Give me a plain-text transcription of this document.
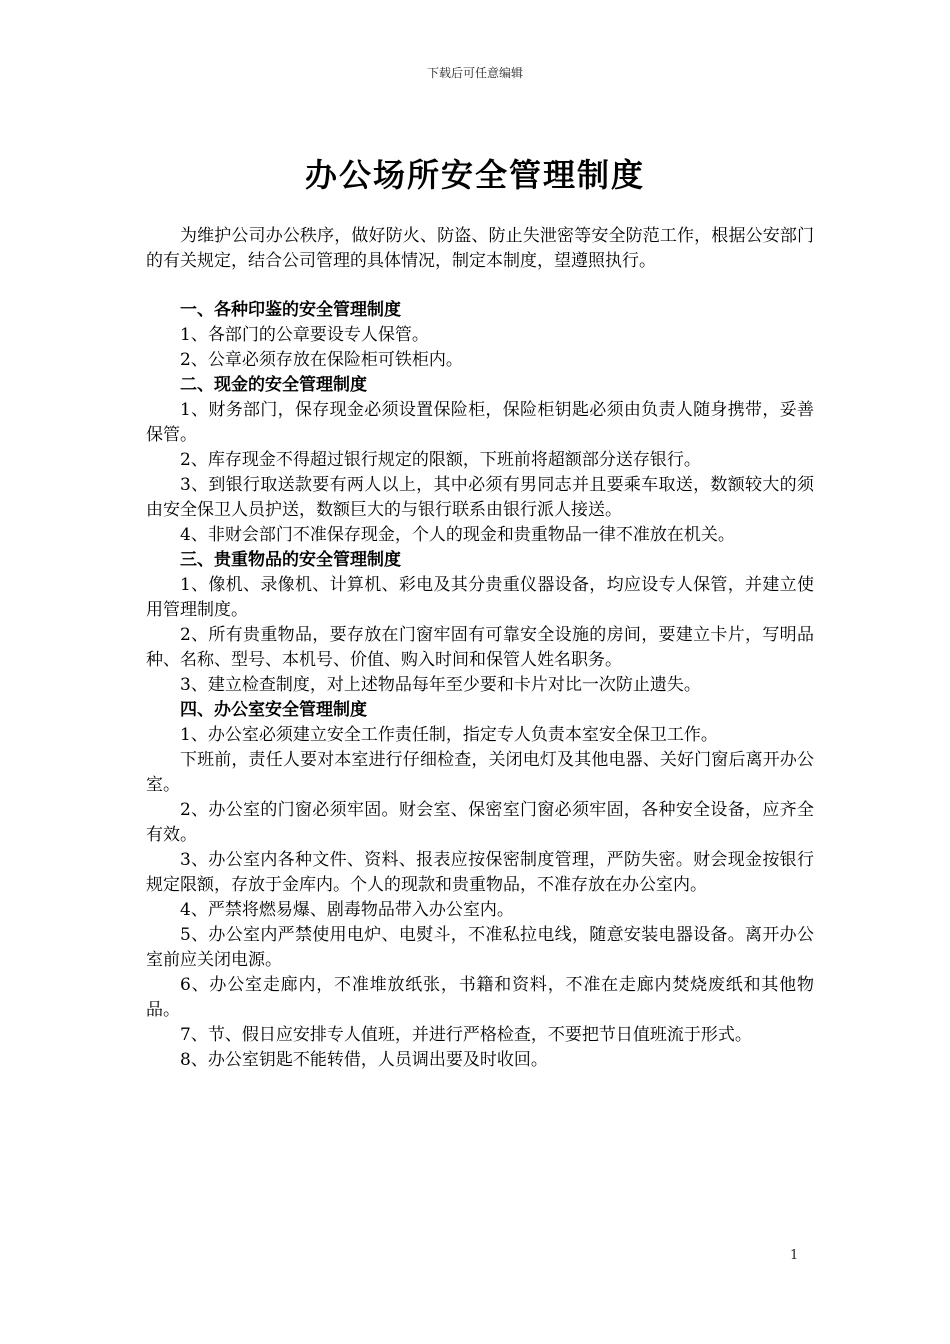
下载后可任意编辑
办公场所安全管理制度

为维护公司办公秩序，做好防火、防盗、防止失泄密等安全防范工作，根据公安部门的有关规定，结合公司管理的具体情况，制定本制度，望遵照执行。

一、各种印鉴的安全管理制度

1、各部门的公章要设专人保管。

2、公章必须存放在保险柜可铁柜内。

二、现金的安全管理制度

1、财务部门，保存现金必须设置保险柜，保险柜钥匙必须由负责人随身携带，妥善保管。

2、库存现金不得超过银行规定的限额，下班前将超额部分送存银行。

3、到银行取送款要有两人以上，其中必须有男同志并且要乘车取送，数额较大的须由安全保卫人员护送，数额巨大的与银行联系由银行派人接送。

4、非财会部门不准保存现金，个人的现金和贵重物品一律不准放在机关。

三、贵重物品的安全管理制度

1、像机、录像机、计算机、彩电及其分贵重仪器设备，均应设专人保管，并建立使用管理制度。

2、所有贵重物品，要存放在门窗牢固有可靠安全设施的房间，要建立卡片，写明品种、名称、型号、本机号、价值、购入时间和保管人姓名职务。

3、建立检查制度，对上述物品每年至少要和卡片对比一次防止遗失。

四、办公室安全管理制度

1、办公室必须建立安全工作责任制，指定专人负责本室安全保卫工作。

下班前，责任人要对本室进行仔细检查，关闭电灯及其他电器、关好门窗后离开办公室。

2、办公室的门窗必须牢固。财会室、保密室门窗必须牢固，各种安全设备，应齐全有效。

3、办公室内各种文件、资料、报表应按保密制度管理，严防失密。财会现金按银行规定限额，存放于金库内。个人的现款和贵重物品，不准存放在办公室内。

4、严禁将燃易爆、剧毒物品带入办公室内。

5、办公室内严禁使用电炉、电熨斗，不准私拉电线，随意安装电器设备。离开办公室前应关闭电源。

6、办公室走廊内，不准堆放纸张，书籍和资料，不准在走廊内焚烧废纸和其他物品。

7、节、假日应安排专人值班，并进行严格检查，不要把节日值班流于形式。

8、办公室钥匙不能转借，人员调出要及时收回。

1
